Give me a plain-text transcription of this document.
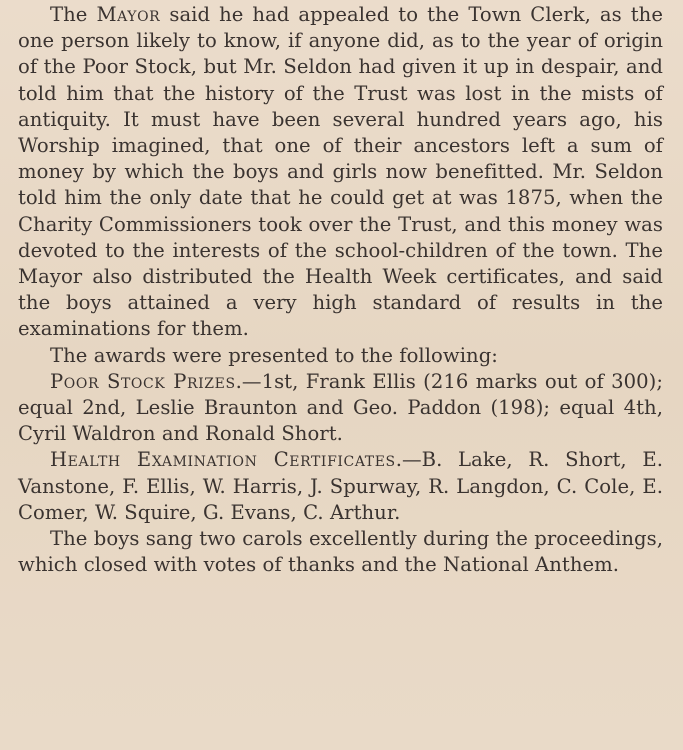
The Mayor said he had appealed to the Town Clerk, as the one person likely to know, if anyone did, as to the year of origin of the Poor Stock, but Mr. Seldon had given it up in despair, and told him that the history of the Trust was lost in the mists of antiquity. It must have been several hundred years ago, his Worship imagined, that one of their ancestors left a sum of money by which the boys and girls now benefitted. Mr. Seldon told him the only date that he could get at was 1875, when the Charity Commissioners took over the Trust, and this money was devoted to the interests of the school-children of the town. The Mayor also distributed the Health Week certificates, and said the boys attained a very high standard of results in the examinations for them.

The awards were presented to the following:

Poor Stock Prizes.—1st, Frank Ellis (216 marks out of 300); equal 2nd, Leslie Braunton and Geo. Paddon (198); equal 4th, Cyril Waldron and Ronald Short.

Health Examination Certificates.—B. Lake, R. Short, E. Vanstone, F. Ellis, W. Harris, J. Spurway, R. Langdon, C. Cole, E. Comer, W. Squire, G. Evans, C. Arthur.

The boys sang two carols excellently during the proceedings, which closed with votes of thanks and the National Anthem.
